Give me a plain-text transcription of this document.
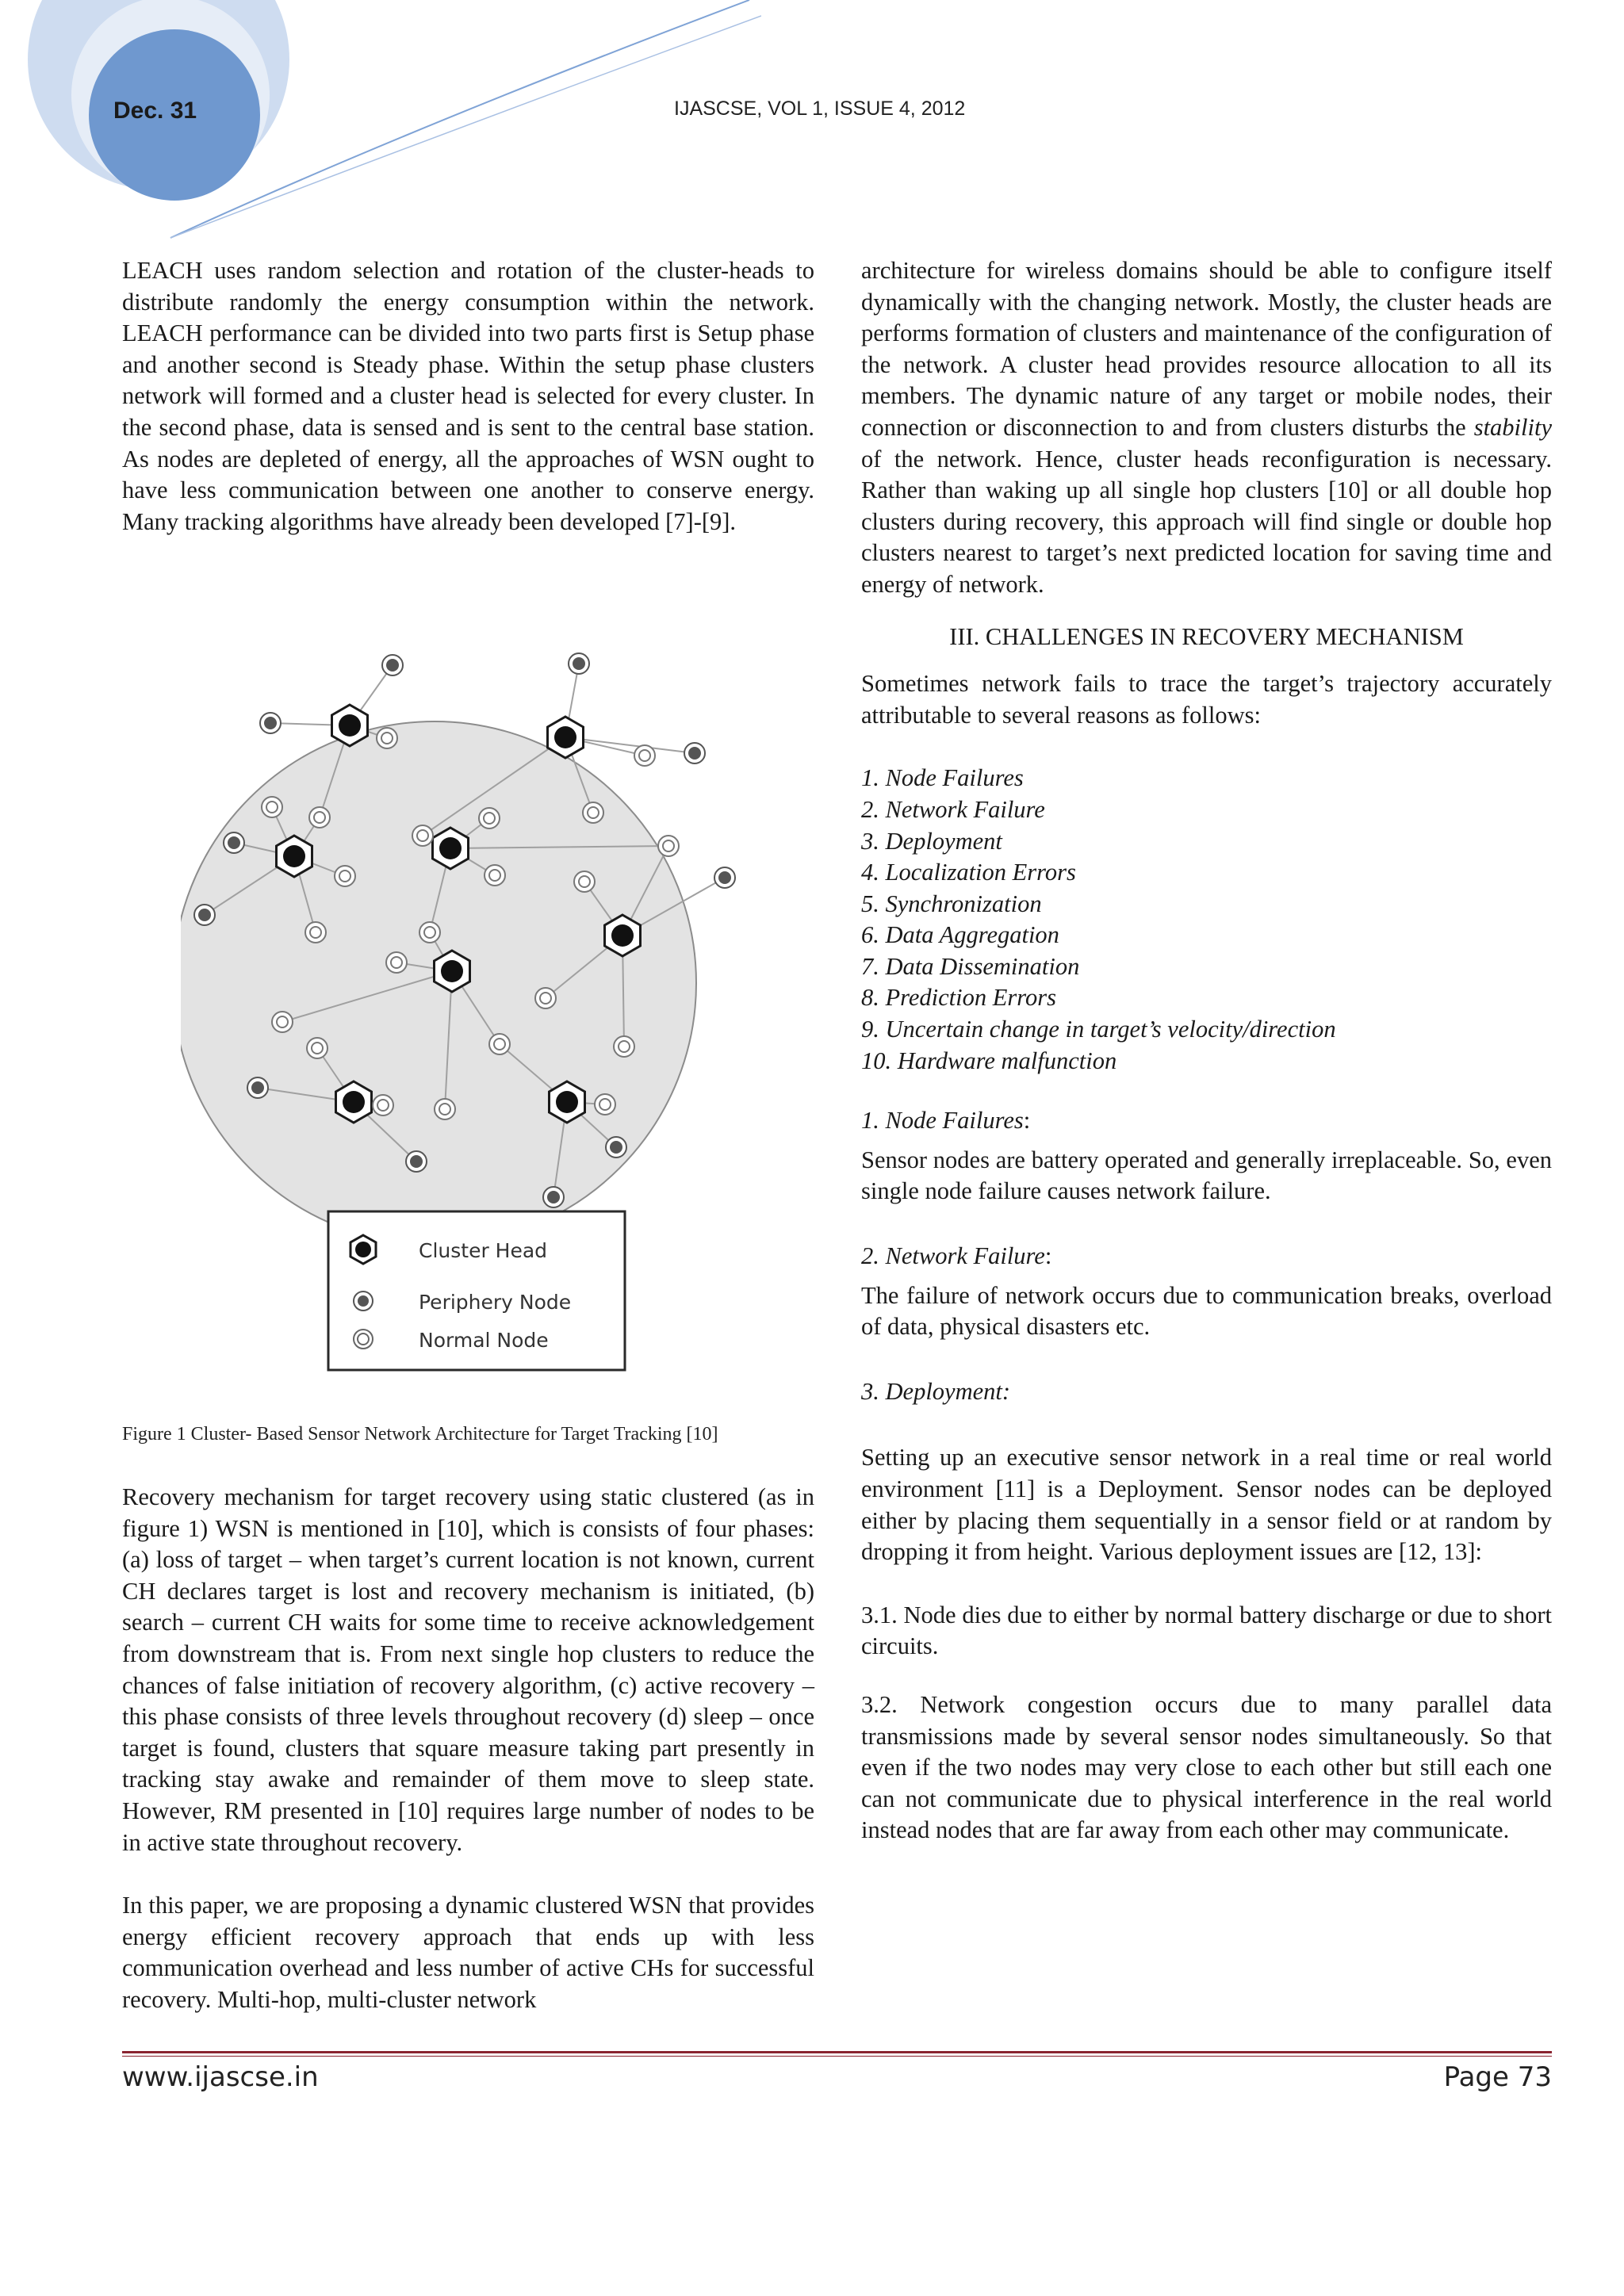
Dec. 31	IJASCSE, VOL 1, ISSUE 4, 2012

LEACH uses random selection and rotation of the cluster-heads to distribute randomly the energy consumption within the network. LEACH performance can be divided into two parts first is Setup phase and another second is Steady phase. Within the setup phase clusters network will formed and a cluster head is selected for every cluster. In the second phase, data is sensed and is sent to the central base station. As nodes are depleted of energy, all the approaches of WSN ought to have less communication between one another to conserve energy. Many tracking algorithms have already been developed [7]-[9].

Cluster Head
Periphery Node
Normal Node
Figure 1 Cluster- Based Sensor Network Architecture for Target Tracking [10]

Recovery mechanism for target recovery using static clustered (as in figure 1) WSN is mentioned in [10], which is consists of four phases: (a) loss of target – when target’s current location is not known, current CH declares target is lost and recovery mechanism is initiated, (b) search – current CH waits for some time to receive acknowledgement from downstream that is. From next single hop clusters to reduce the chances of false initiation of recovery algorithm, (c) active recovery – this phase consists of three levels throughout recovery (d) sleep – once target is found, clusters that square measure taking part presently in tracking stay awake and remainder of them move to sleep state. However, RM presented in [10] requires large number of nodes to be in active state throughout recovery.

In this paper, we are proposing a dynamic clustered WSN that provides energy efficient recovery approach that ends up with less communication overhead and less number of active CHs for successful recovery. Multi-hop, multi-cluster network

architecture for wireless domains should be able to configure itself dynamically with the changing network. Mostly, the cluster heads are performs formation of clusters and maintenance of the configuration of the network. A cluster head provides resource allocation to all its members. The dynamic nature of any target or mobile nodes, their connection or disconnection to and from clusters disturbs the stability of the network. Hence, cluster heads reconfiguration is necessary. Rather than waking up all single hop clusters [10] or all double hop clusters during recovery, this approach will find single or double hop clusters nearest to target’s next predicted location for saving time and energy of network.

III. CHALLENGES IN RECOVERY MECHANISM

Sometimes network fails to trace the target’s trajectory accurately attributable to several reasons as follows:

1. Node Failures
2. Network Failure
3. Deployment
4. Localization Errors
5. Synchronization
6. Data Aggregation
7. Data Dissemination
8. Prediction Errors
9. Uncertain change in target’s velocity/direction
10. Hardware malfunction

1. Node Failures:

Sensor nodes are battery operated and generally irreplaceable. So, even single node failure causes network failure.

2. Network Failure:

The failure of network occurs due to communication breaks, overload of data, physical disasters etc.

3. Deployment:

Setting up an executive sensor network in a real time or real world environment [11] is a Deployment. Sensor nodes can be deployed either by placing them sequentially in a sensor field or at random by dropping it from height. Various deployment issues are [12, 13]:

3.1. Node dies due to either by normal battery discharge or due to short circuits.

3.2. Network congestion occurs due to many parallel data transmissions made by several sensor nodes simultaneously. So that even if the two nodes may very close to each other but still each one can not communicate due to physical interference in the real world instead nodes that are far away from each other may communicate.

www.ijascse.in	Page 73
